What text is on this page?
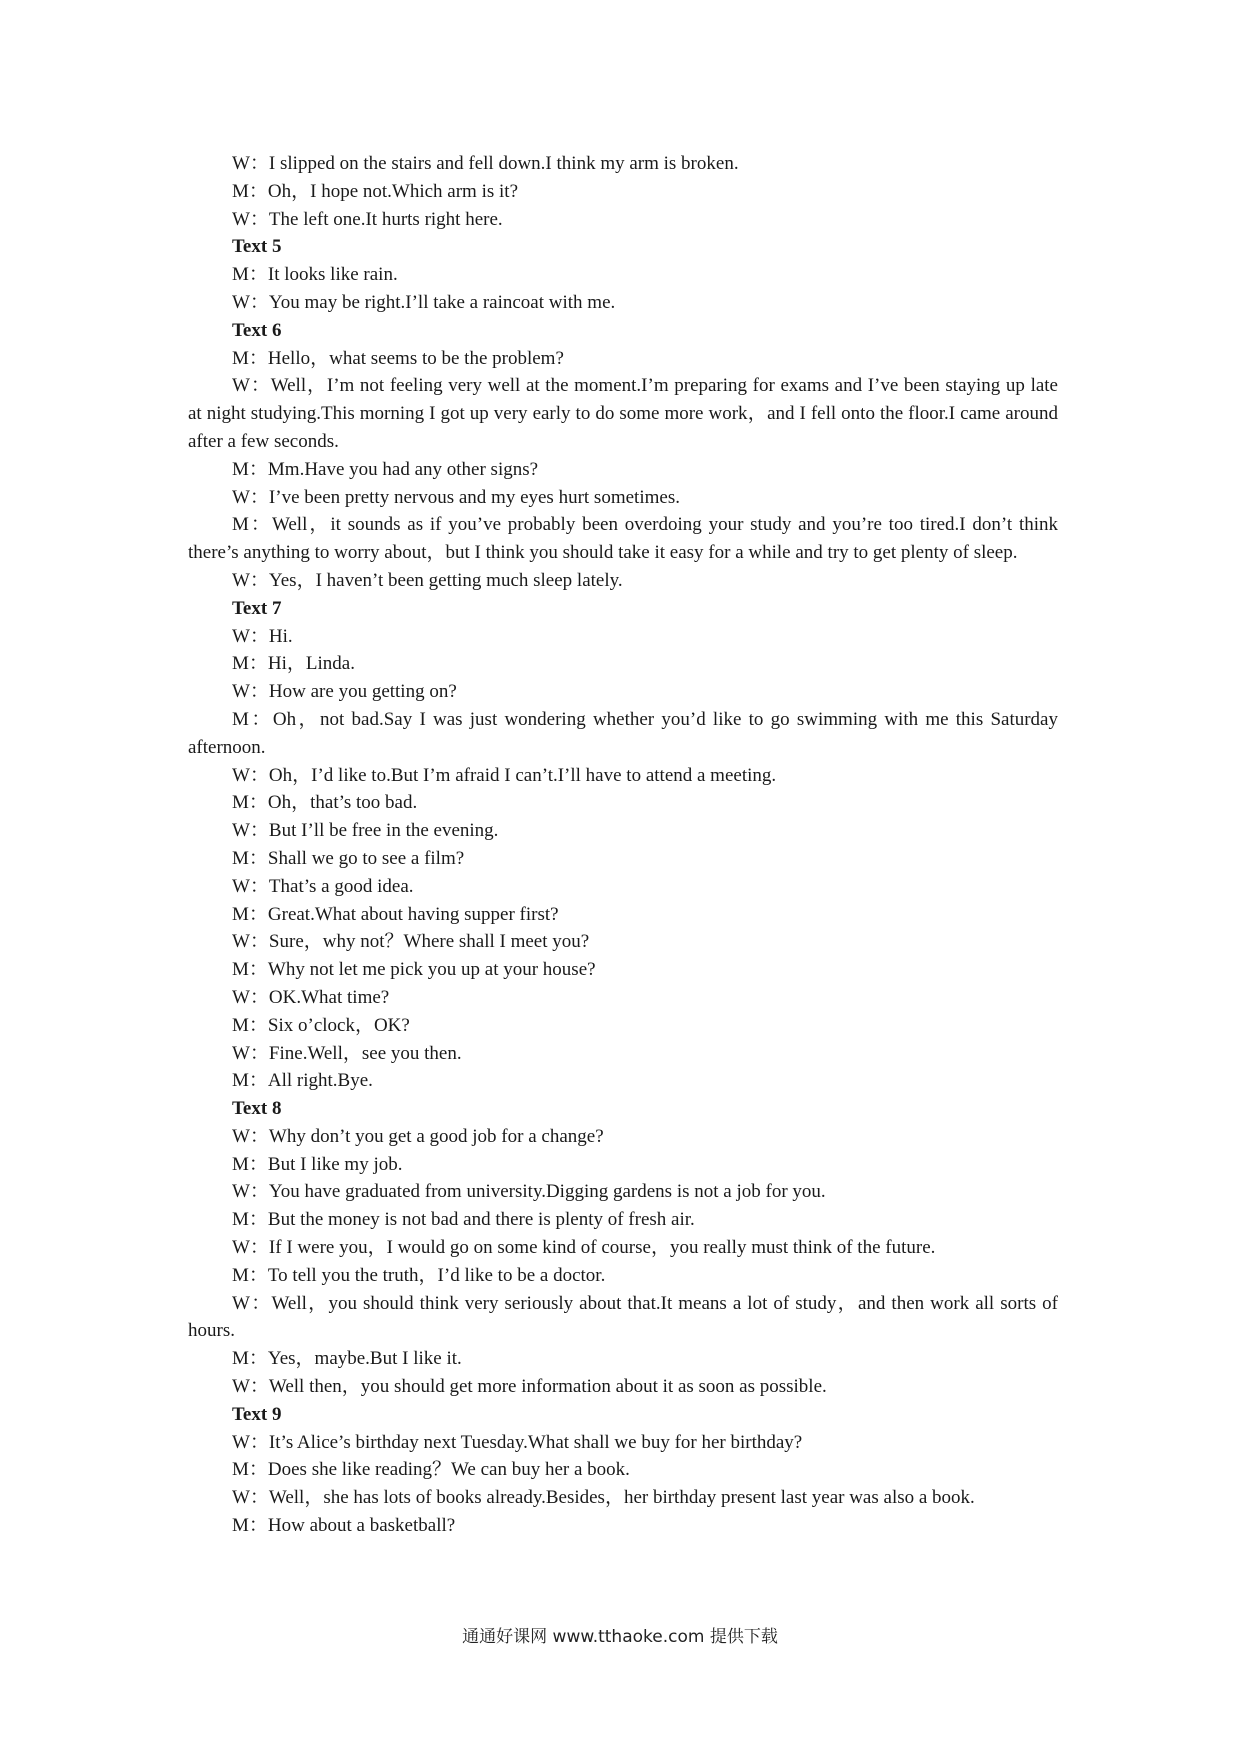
W：I slipped on the stairs and fell down.I think my arm is broken.

M：Oh，I hope not.Which arm is it?

W：The left one.It hurts right here.

Text 5

M：It looks like rain.

W：You may be right.I’ll take a raincoat with me.

Text 6

M：Hello，what seems to be the problem?

W：Well，I’m not feeling very well at the moment.I’m preparing for exams and I’ve been staying up late at night studying.This morning I got up very early to do some more work，and I fell onto the floor.I came around after a few seconds.

M：Mm.Have you had any other signs?

W：I’ve been pretty nervous and my eyes hurt sometimes.

M：Well，it sounds as if you’ve probably been overdoing your study and you’re too tired.I don’t think there’s anything to worry about，but I think you should take it easy for a while and try to get plenty of sleep.

W：Yes，I haven’t been getting much sleep lately.

Text 7

W：Hi.

M：Hi，Linda.

W：How are you getting on?

M：Oh，not bad.Say I was just wondering whether you’d like to go swimming with me this Saturday afternoon.

W：Oh，I’d like to.But I’m afraid I can’t.I’ll have to attend a meeting.

M：Oh，that’s too bad.

W：But I’ll be free in the evening.

M：Shall we go to see a film?

W：That’s a good idea.

M：Great.What about having supper first?

W：Sure，why not？Where shall I meet you?

M：Why not let me pick you up at your house?

W：OK.What time?

M：Six o’clock，OK?

W：Fine.Well，see you then.

M：All right.Bye.

Text 8

W：Why don’t you get a good job for a change?

M：But I like my job.

W：You have graduated from university.Digging gardens is not a job for you.

M：But the money is not bad and there is plenty of fresh air.

W：If I were you，I would go on some kind of course，you really must think of the future.

M：To tell you the truth，I’d like to be a doctor.

W：Well，you should think very seriously about that.It means a lot of study，and then work all sorts of hours.

M：Yes，maybe.But I like it.

W：Well then，you should get more information about it as soon as possible.

Text 9

W：It’s Alice’s birthday next Tuesday.What shall we buy for her birthday?

M：Does she like reading？We can buy her a book.

W：Well，she has lots of books already.Besides，her birthday present last year was also a book.

M：How about a basketball?

通通好课网 www.tthaoke.com 提供下载
